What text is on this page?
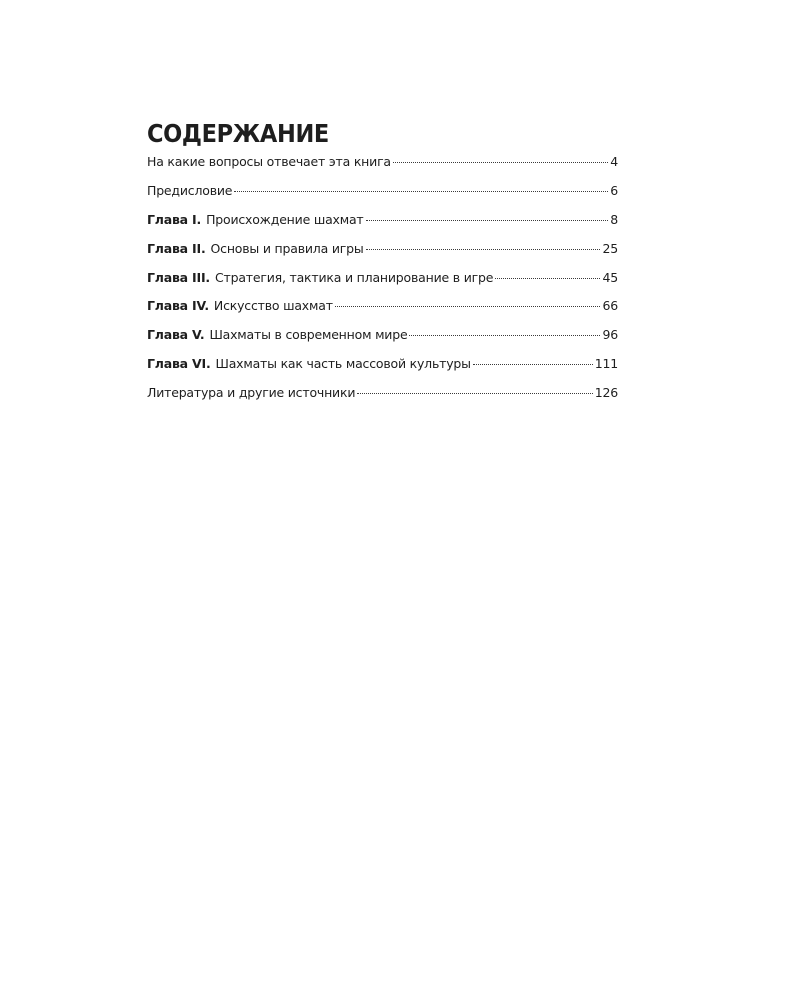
СОДЕРЖАНИЕ
На какие вопросы отвечает эта книга	4
Предисловие	6
Глава I. Происхождение шахмат	8
Глава II. Основы и правила игры	25
Глава III. Стратегия, тактика и планирование в игре	45
Глава IV. Искусство шахмат	66
Глава V. Шахматы в современном мире	96
Глава VI. Шахматы как часть массовой культуры	111
Литература и другие источники	126
